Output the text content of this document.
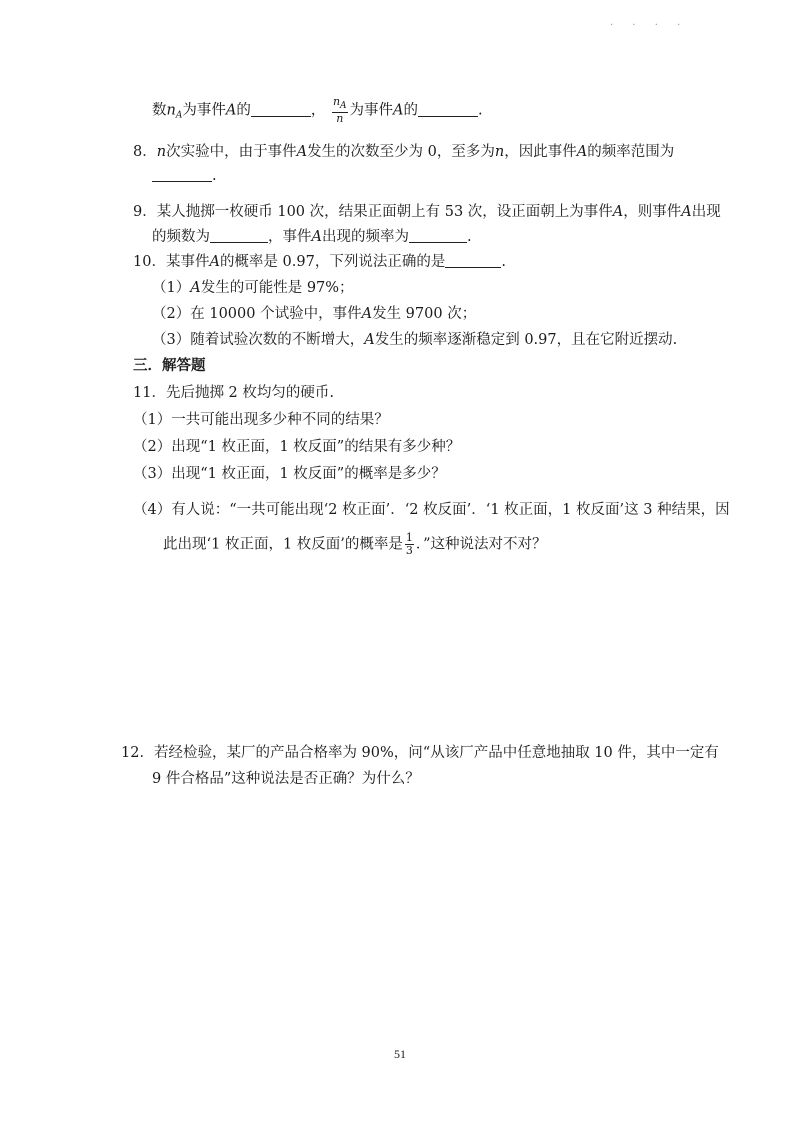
· · · ·
数$n_A$为事件A的	， $\frac{n_A}{n}$ 为事件A的	.
8．n次实验中，由于事件A发生的次数至少为 0，至多为n，因此事件A的频率范围为
.
9．某人抛掷一枚硬币 100 次，结果正面朝上有 53 次，设正面朝上为事件A，则事件A出现
的频数为	，事件A出现的频率为	.
10．某事件A的概率是 0.97，下列说法正确的是	.
（1）A发生的可能性是 97%；
（2）在 10000 个试验中，事件A发生 9700 次；
（3）随着试验次数的不断增大，A发生的频率逐渐稳定到 0.97，且在它附近摆动.
三．解答题
11．先后抛掷 2 枚均匀的硬币.
（1）一共可能出现多少种不同的结果？
（2）出现“1 枚正面，1 枚反面”的结果有多少种？
（3）出现“1 枚正面，1 枚反面”的概率是多少？
（4）有人说：“一共可能出现‘2 枚正面’．‘2 枚反面’．‘1 枚正面，1 枚反面’这 3 种结果，因
此出现‘1 枚正面，1 枚反面’的概率是 $\frac{1}{3}$ ．”这种说法对不对？
12．若经检验，某厂的产品合格率为 90%，问“从该厂产品中任意地抽取 10 件，其中一定有
9 件合格品”这种说法是否正确？为什么？
51
